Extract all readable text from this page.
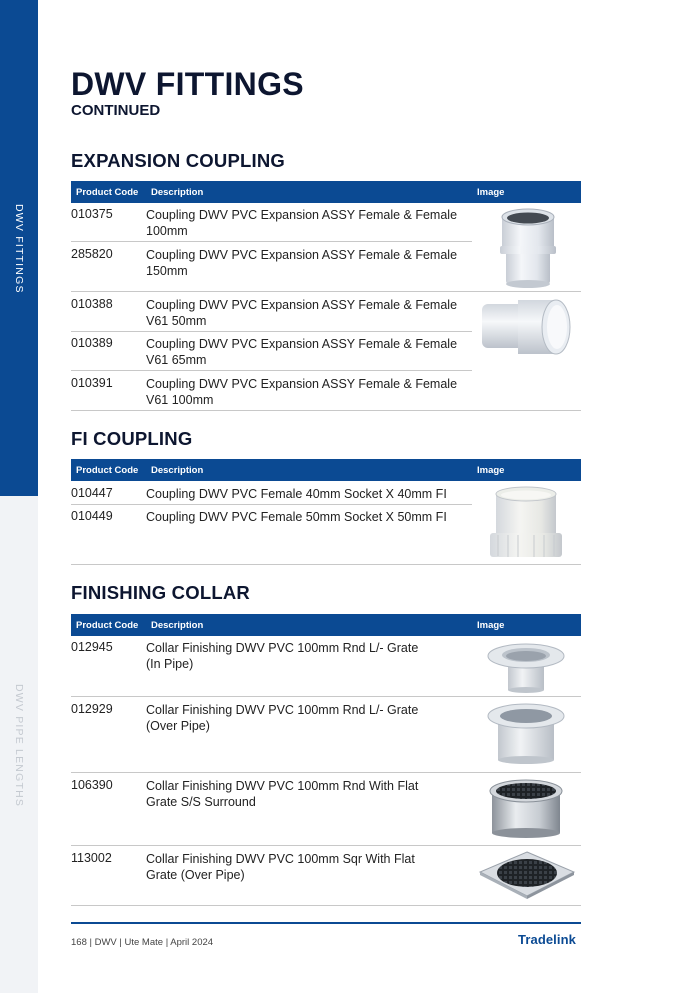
DWV FITTINGS
DWV PIPE LENGTHS
DWV FITTINGS
CONTINUED
EXPANSION COUPLING
Product Code Description	Image
010375	Coupling DWV PVC Expansion ASSY Female & Female 100mm
285820	Coupling DWV PVC Expansion ASSY Female & Female 150mm
010388	Coupling DWV PVC Expansion ASSY Female & Female V61 50mm
010389	Coupling DWV PVC Expansion ASSY Female & Female V61 65mm
010391	Coupling DWV PVC Expansion ASSY Female & Female V61 100mm
FI COUPLING
Product Code Description	Image
010447	Coupling DWV PVC Female 40mm Socket X 40mm FI
010449	Coupling DWV PVC Female 50mm Socket X 50mm FI
FINISHING COLLAR
Product Code Description	Image
012945	Collar Finishing DWV PVC 100mm Rnd L/- Grate (In Pipe)
012929	Collar Finishing DWV PVC 100mm Rnd L/- Grate (Over Pipe)
106390	Collar Finishing DWV PVC 100mm Rnd With Flat Grate S/S Surround
113002	Collar Finishing DWV PVC 100mm Sqr With Flat Grate (Over Pipe)
168 | DWV | Ute Mate | April 2024	Tradelink
